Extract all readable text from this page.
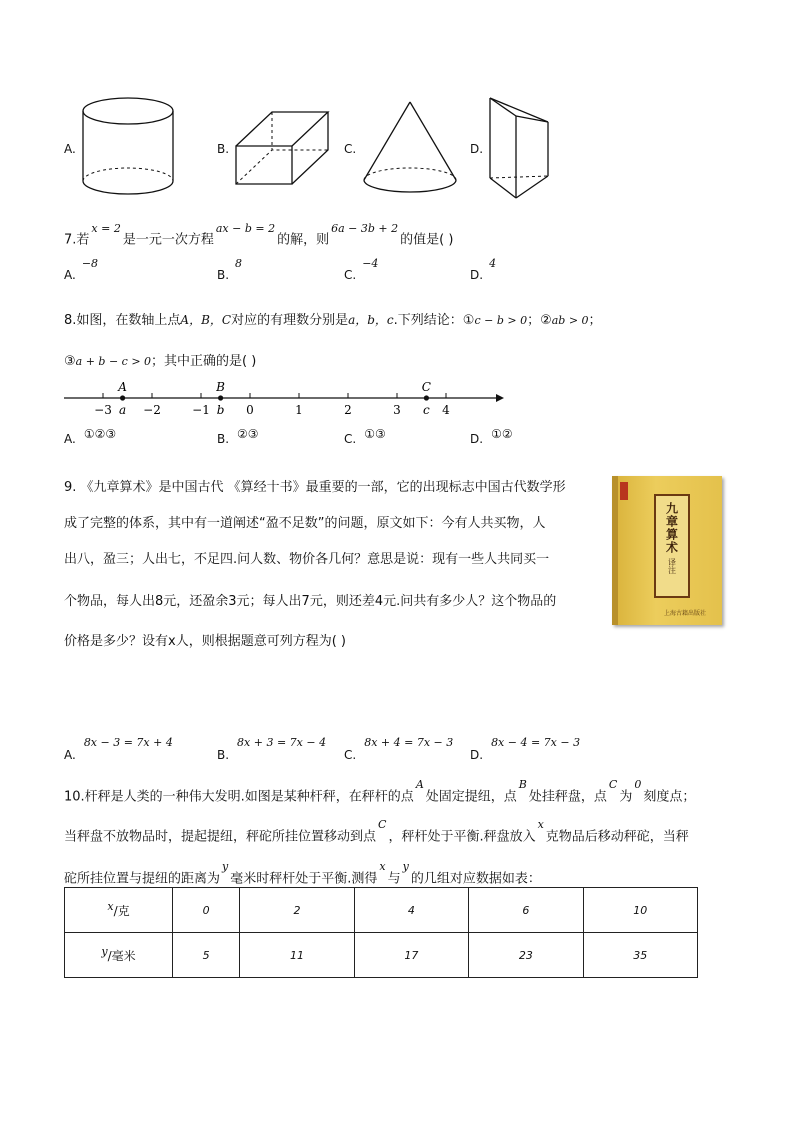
A.	B.	C.	D.
7.若$^{x = 2}$是一元一次方程$^{ax - b = 2}$的解，则$^{6a - 3b + 2}$的值是( )
A.$^{-8}$
B.$^8$
C.$^{-4}$
D.$^4$
8.如图，在数轴上点A，B，C对应的有理数分别是a，b，c.下列结论：①c − b > 0；②ab > 0；
③a + b − c > 0；其中正确的是( )
−3	−2	−1	0	1	2	3	4
A
a
B
b
C
c
A. ①②③	B. ②③	C. ①③	D. ①②
9. 《九章算术》是中国古代 《算经十书》最重要的一部，它的出现标志中国古代数学形
成了完整的体系，其中有一道阐述“盈不足数”的问题，原文如下：今有人共买物，人
出八，盈三；人出七，不足四.问人数、物价各几何？意思是说：现有一些人共同买一
个物品，每人出8元，还盈余3元；每人出7元，则还差4元.问共有多少人？这个物品的
价格是多少？设有x人，则根据题意可列方程为( )
九章算术
译注
上海古籍出版社
A.$^{8x - 3 = 7x + 4}$
B.$^{8x + 3 = 7x - 4}$
C.$^{8x + 4 = 7x - 3}$
D.$^{8x - 4 = 7x - 3}$
10.杆秤是人类的一种伟大发明.如图是某种杆秤，在秤杆的点$^A$处固定提纽，点$^B$处挂秤盘，点$^C$为$^0$刻度点；
当秤盘不放物品时，提起提纽，秤砣所挂位置移动到点$^C$，秤杆处于平衡.秤盘放入$^x$克物品后移动秤砣，当秤
砣所挂位置与提纽的距离为$^y$毫米时秤杆处于平衡.测得$^x$与$^y$的几组对应数据如表：
x/克	0	2	4	6	10
y/毫米	5	11	17	23	35
